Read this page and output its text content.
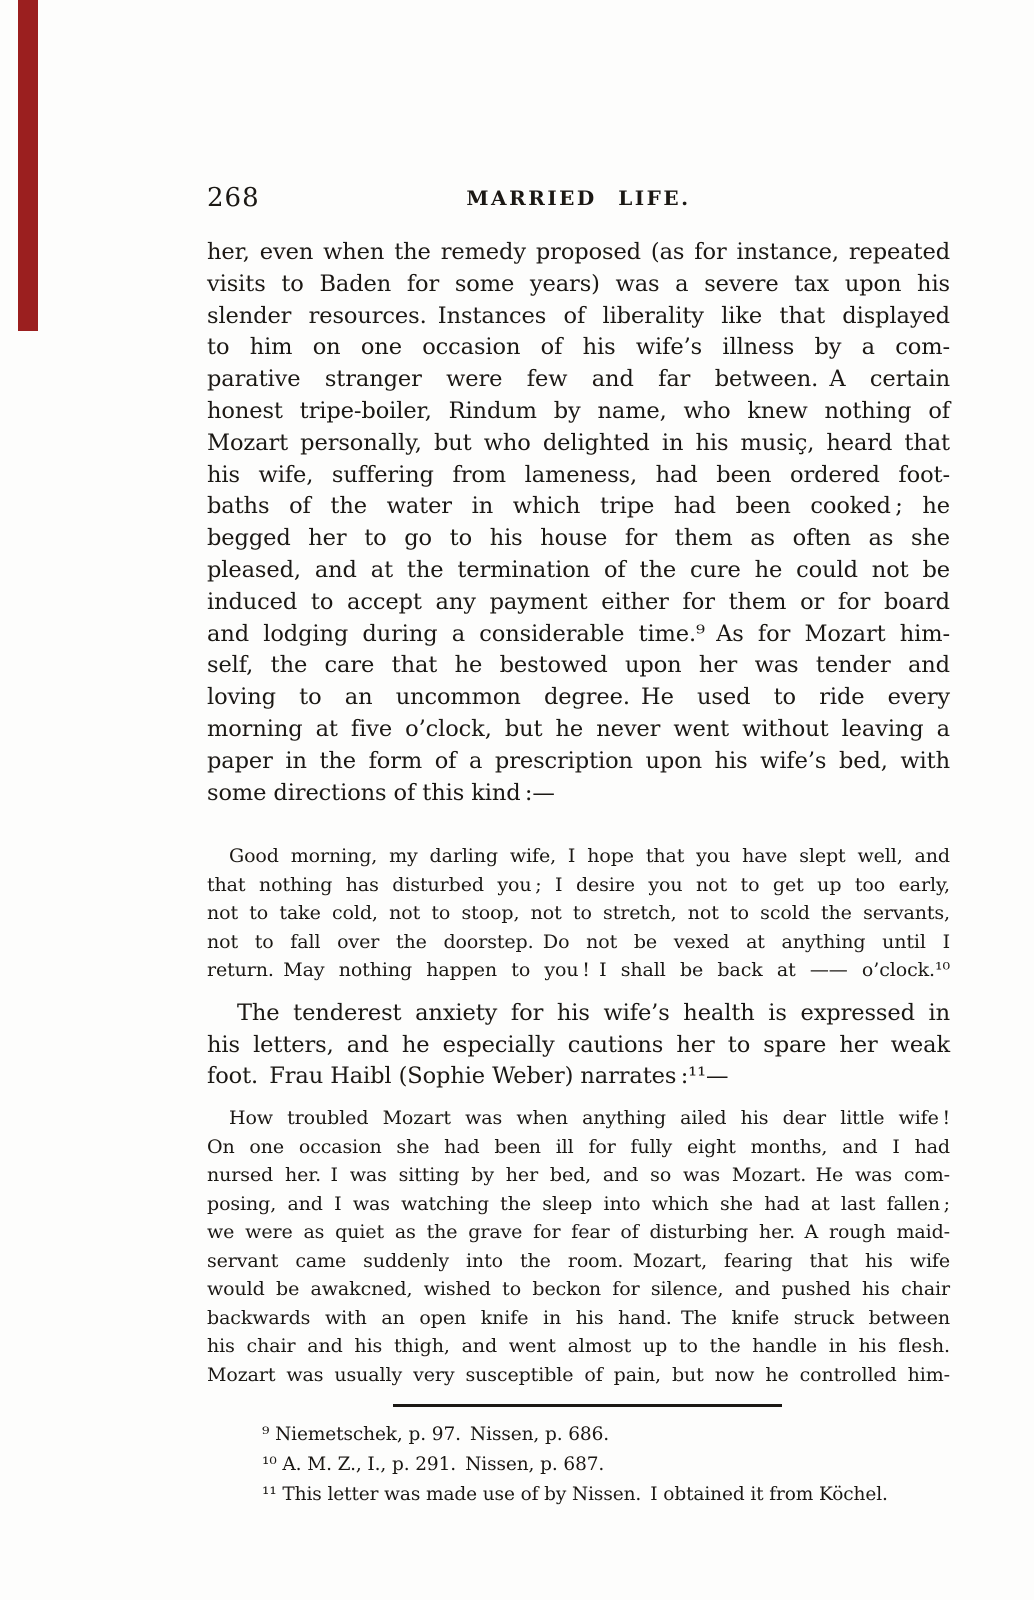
268	MARRIED LIFE.
her, even when the remedy proposed (as for instance, repeated
visits to Baden for some years) was a severe tax upon his
slender resources. Instances of liberality like that displayed
to him on one occasion of his wife’s illness by a com-
parative stranger were few and far between. A certain
honest tripe-boiler, Rindum by name, who knew nothing of
Mozart personally, but who delighted in his musiç, heard that
his wife, suffering from lameness, had been ordered foot-
baths of the water in which tripe had been cooked ; he
begged her to go to his house for them as often as she
pleased, and at the termination of the cure he could not be
induced to accept any payment either for them or for board
and lodging during a considerable time.⁹ As for Mozart him-
self, the care that he bestowed upon her was tender and
loving to an uncommon degree. He used to ride every
morning at five o’clock, but he never went without leaving a
paper in the form of a prescription upon his wife’s bed, with
some directions of this kind :—
Good morning, my darling wife, I hope that you have slept well, and
that nothing has disturbed you ; I desire you not to get up too early,
not to take cold, not to stoop, not to stretch, not to scold the servants,
not to fall over the doorstep. Do not be vexed at anything until I
return. May nothing happen to you ! I shall be back at —— o’clock.¹⁰
The tenderest anxiety for his wife’s health is expressed in
his letters, and he especially cautions her to spare her weak
foot. Frau Haibl (Sophie Weber) narrates :¹¹—
How troubled Mozart was when anything ailed his dear little wife !
On one occasion she had been ill for fully eight months, and I had
nursed her. I was sitting by her bed, and so was Mozart. He was com-
posing, and I was watching the sleep into which she had at last fallen ;
we were as quiet as the grave for fear of disturbing her. A rough maid-
servant came suddenly into the room. Mozart, fearing that his wife
would be awakcned, wished to beckon for silence, and pushed his chair
backwards with an open knife in his hand. The knife struck between
his chair and his thigh, and went almost up to the handle in his flesh.
Mozart was usually very susceptible of pain, but now he controlled him-
⁹ Niemetschek, p. 97. Nissen, p. 686.
¹⁰ A. M. Z., I., p. 291. Nissen, p. 687.
¹¹ This letter was made use of by Nissen. I obtained it from Köchel.
